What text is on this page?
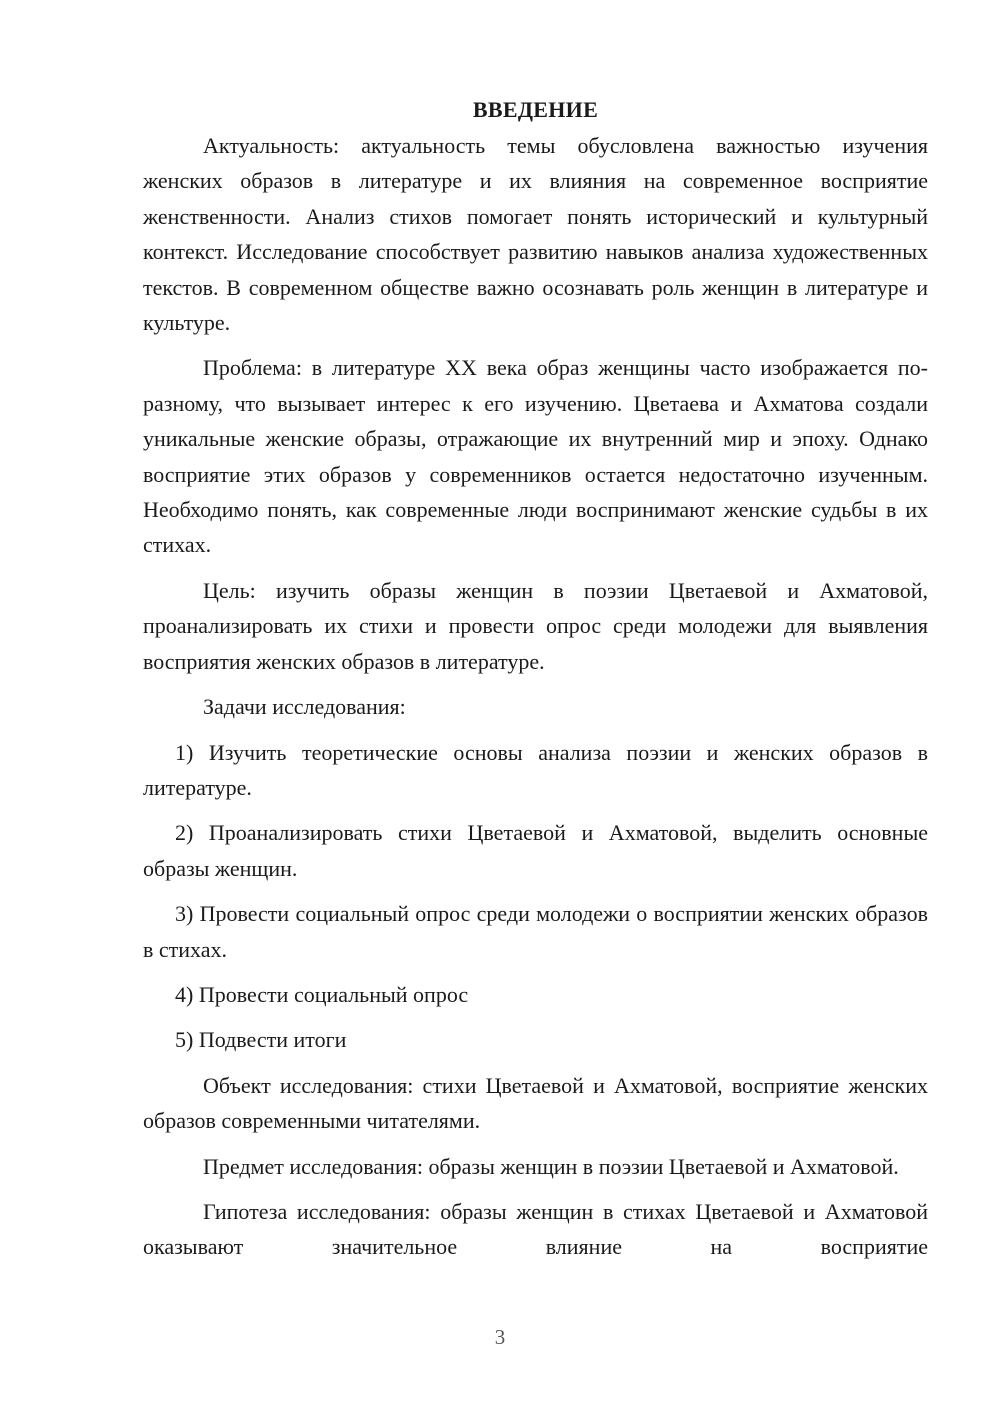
ВВЕДЕНИЕ

Актуальность: актуальность темы обусловлена важностью изучения женских образов в литературе и их влияния на современное восприятие женственности. Анализ стихов помогает понять исторический и культурный контекст. Исследование способствует развитию навыков анализа художественных текстов. В современном обществе важно осознавать роль женщин в литературе и культуре.

Проблема: в литературе XX века образ женщины часто изображается по-разному, что вызывает интерес к его изучению. Цветаева и Ахматова создали уникальные женские образы, отражающие их внутренний мир и эпоху. Однако восприятие этих образов у современников остается недостаточно изученным. Необходимо понять, как современные люди воспринимают женские судьбы в их стихах.

Цель: изучить образы женщин в поэзии Цветаевой и Ахматовой, проанализировать их стихи и провести опрос среди молодежи для выявления восприятия женских образов в литературе.

Задачи исследования:

1) Изучить теоретические основы анализа поэзии и женских образов в литературе.

2) Проанализировать стихи Цветаевой и Ахматовой, выделить основные образы женщин.

3) Провести социальный опрос среди молодежи о восприятии женских образов в стихах.

4) Провести социальный опрос

5) Подвести итоги

Объект исследования: стихи Цветаевой и Ахматовой, восприятие женских образов современными читателями.

Предмет исследования: образы женщин в поэзии Цветаевой и Ахматовой.

Гипотеза исследования: образы женщин в стихах Цветаевой и Ахматовой оказывают значительное влияние на восприятие

3
